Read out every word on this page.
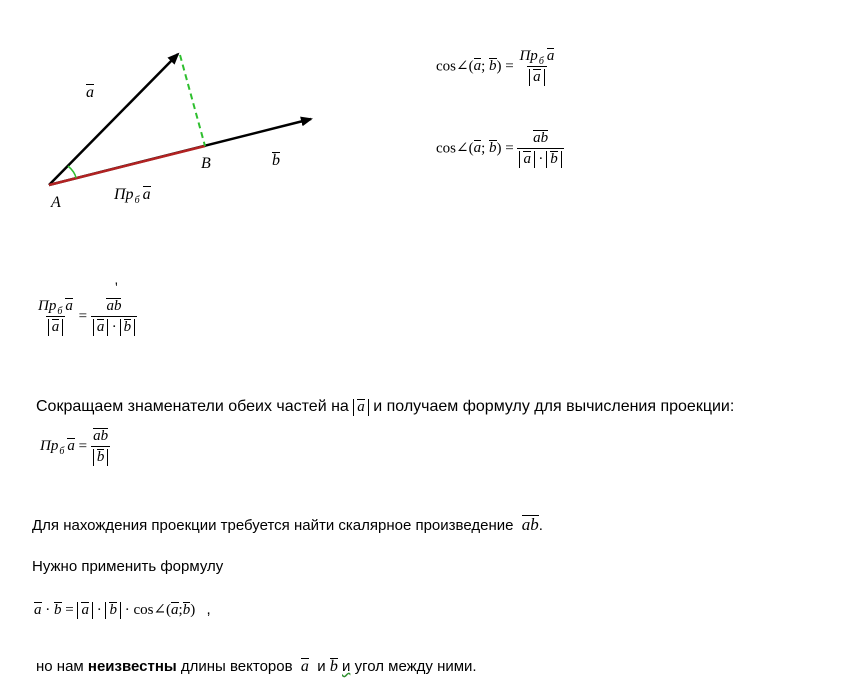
a
b
A
B
$Пр_б$ a
cos∠(a; $b) = \frac{Пр_б a}{a}$
cos∠(a; $b) = \frac{ab}{a \cdot b}$
'
$\frac{Пр_б a}{a} = \frac{ab}{a \cdot b}$
Сокращаем знаменатели обеих частей на a и получаем формулу для вычисления проекции:
$Пр_б$ $a = \frac{ab}{b}$
Для нахождения проекции требуется найти скалярное произведение ab.
Нужно применить формулу
a · b = a · b · cos∠(a;b) ,
но нам неизвестны длины векторов a и b и угол между ними.
